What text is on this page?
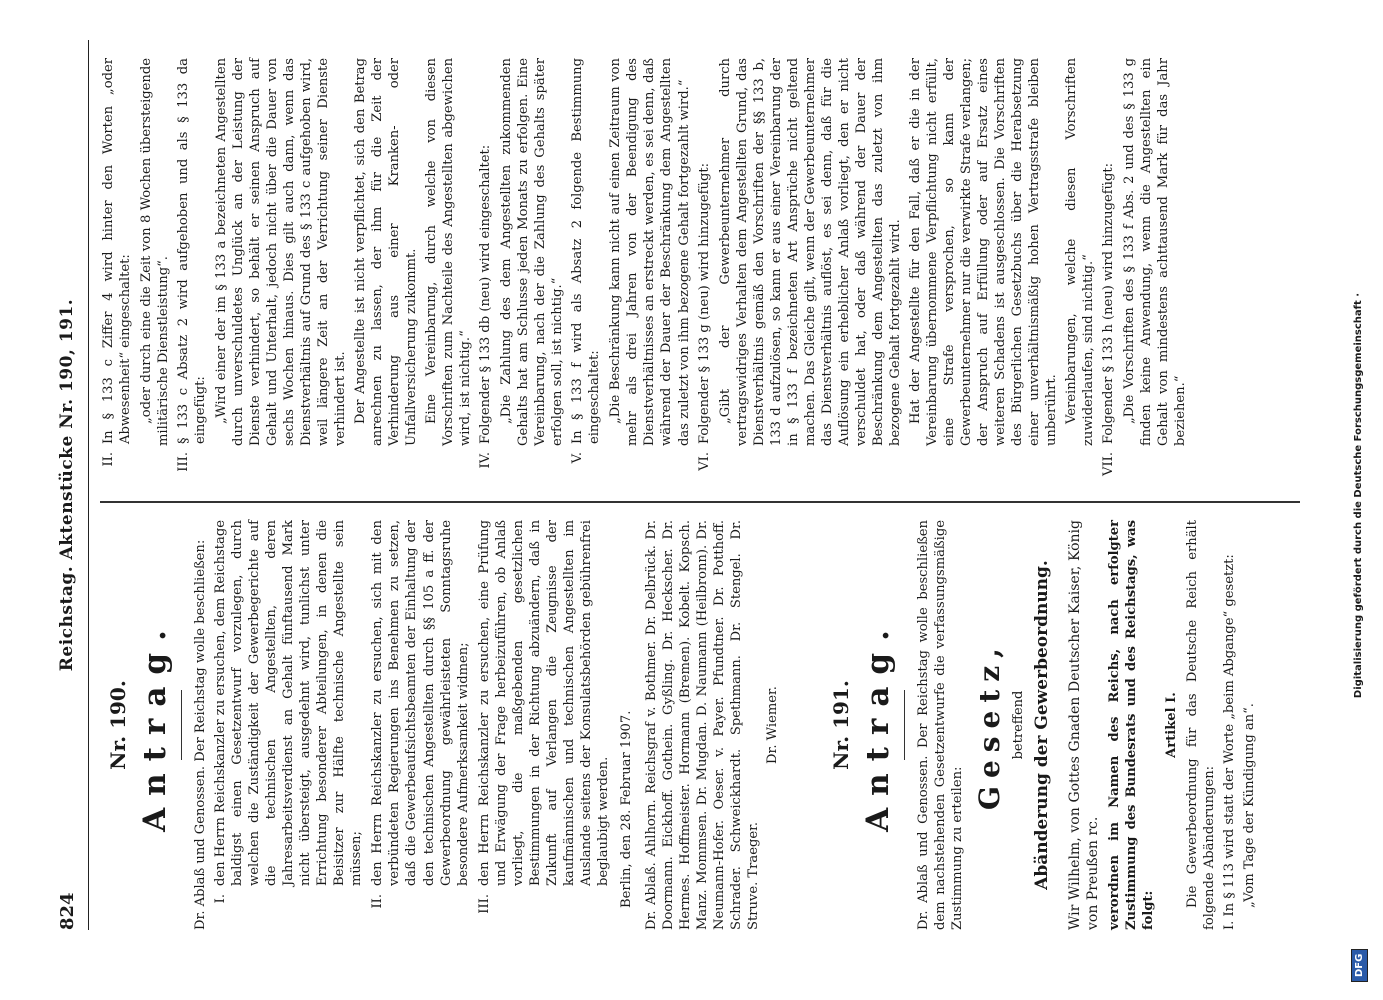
824
Reichstag. Aktenstücke Nr. 190, 191.
Nr. 190. Antrag. Dr. Ablaß und Genossen. Der Reichstag wolle beschließen: I.
den Herrn Reichskanzler zu ersuchen, dem Reichstage baldigst einen Gesetzentwurf vorzulegen, durch welchen die Zuständigkeit der Gewerbegerichte auf die technischen Angestellten, deren Jahresarbeitsverdienst an Gehalt fünftausend Mark nicht übersteigt, ausgedehnt wird, tunlichst unter Errichtung besonderer Abteilungen, in denen die Beisitzer zur Hälfte technische Angestellte sein müssen;
II.
den Herrn Reichskanzler zu ersuchen, sich mit den verbündeten Regierungen ins Benehmen zu setzen, daß die Gewerbeaufsichtsbeamten der Einhaltung der den technischen Angestellten durch §§ 105 a ff. der Gewerbeordnung gewährleisteten Sonntagsruhe besondere Aufmerksamkeit widmen;
III.
den Herrn Reichskanzler zu ersuchen, eine Prüfung und Erwägung der Frage herbeizuführen, ob Anlaß vorliegt, die maßgebenden gesetzlichen Bestimmungen in der Richtung abzuändern, daß in Zukunft auf Verlangen die Zeugnisse der kaufmännischen und technischen Angestellten im Auslande seitens der Konsulatsbehörden gebührenfrei beglaubigt werden. Berlin, den 28. Februar 1907. Dr. Ablaß. Ahlhorn. Reichsgraf v. Bothmer. Dr. Delbrück. Dr. Doormann. Eickhoff. Gothein. Gyßling. Dr. Heckscher. Dr. Hermes. Hoffmeister. Hormann (Bremen). Kobelt. Kopsch. Manz. Mommsen. Dr. Mugdan. D. Naumann (Heilbronn). Dr. Neumann-Hofer. Oeser. v. Payer. Pfundtner. Dr. Potthoff. Schrader. Schweickhardt. Spethmann. Dr. Stengel. Dr. Struve. Traeger.

Dr. Wiemer. Nr. 191. Antrag. Dr. Ablaß und Genossen. Der Reichstag wolle beschließen dem nachstehenden Gesetzentwurfe die verfassungsmäßige Zustimmung zu erteilen:

Gesetz, betreffend Abänderung der Gewerbeordnung. Wir Wilhelm, von Gottes Gnaden Deutscher Kaiser, König von Preußen rc. verordnen im Namen des Reichs, nach erfolgter Zustimmung des Bundesrats und des Reichstags, was folgt:

Artikel I. Die Gewerbeordnung für das Deutsche Reich erhält folgende Abänderungen: I. In § 113 wird statt der Worte „beim Abgange“ gesetzt: „Vom Tage der Kündigung an“.

II.
In § 133 c Ziffer 4 wird hinter den Worten „oder Abwesenheit“ eingeschaltet: „oder durch eine die Zeit von 8 Wochen übersteigende militärische Dienstleistung“.

III.
§ 133 c Absatz 2 wird aufgehoben und als § 133 da eingefügt: „Wird einer der im § 133 a bezeichneten Angestellten durch unverschuldetes Unglück an der Leistung der Dienste verhindert, so behält er seinen Anspruch auf Gehalt und Unterhalt, jedoch nicht über die Dauer von sechs Wochen hinaus. Dies gilt auch dann, wenn das Dienstverhältnis auf Grund des § 133 c aufgehoben wird, weil längere Zeit an der Verrichtung seiner Dienste verhindert ist. Der Angestellte ist nicht verpflichtet, sich den Betrag anrechnen zu lassen, der ihm für die Zeit der Verhinderung aus einer Kranken- oder Unfallversicherung zukommt. Eine Vereinbarung, durch welche von diesen Vorschriften zum Nachteile des Angestellten abgewichen wird, ist nichtig.“

IV.
Folgender § 133 db (neu) wird eingeschaltet: „Die Zahlung des dem Angestellten zukommenden Gehalts hat am Schlusse jeden Monats zu erfolgen. Eine Vereinbarung, nach der die Zahlung des Gehalts später erfolgen soll, ist nichtig.“

V.
In § 133 f wird als Absatz 2 folgende Bestimmung eingeschaltet: „Die Beschränkung kann nicht auf einen Zeitraum von mehr als drei Jahren von der Beendigung des Dienstverhältnisses an erstreckt werden, es sei denn, daß während der Dauer der Beschränkung dem Angestellten das zuletzt von ihm bezogene Gehalt fortgezahlt wird.“

VI.
Folgender § 133 g (neu) wird hinzugefügt: „Gibt der Gewerbeunternehmer durch vertragswidriges Verhalten dem Angestellten Grund, das Dienstverhältnis gemäß den Vorschriften der §§ 133 b, 133 d aufzulösen, so kann er aus einer Vereinbarung der in § 133 f bezeichneten Art Ansprüche nicht geltend machen. Das Gleiche gilt, wenn der Gewerbeunternehmer das Dienstverhältnis auflöst, es sei denn, daß für die Auflösung ein erheblicher Anlaß vorliegt, den er nicht verschuldet hat, oder daß während der Dauer der Beschränkung dem Angestellten das zuletzt von ihm bezogene Gehalt fortgezahlt wird. Hat der Angestellte für den Fall, daß er die in der Vereinbarung übernommene Verpflichtung nicht erfüllt, eine Strafe versprochen, so kann der Gewerbeunternehmer nur die verwirkte Strafe verlangen; der Anspruch auf Erfüllung oder auf Ersatz eines weiteren Schadens ist ausgeschlossen. Die Vorschriften des Bürgerlichen Gesetzbuchs über die Herabsetzung einer unverhältnismäßig hohen Vertragsstrafe bleiben unberührt. Vereinbarungen, welche diesen Vorschriften zuwiderlaufen, sind nichtig.“

VII.
Folgender § 133 h (neu) wird hinzugefügt: „Die Vorschriften des § 133 f Abs. 2 und des § 133 g finden keine Anwendung, wenn die Angestellten ein Gehalt von mindestens achttausend Mark für das Jahr beziehen.“	Digitalisierung gefördert durch die Deutsche Forschungsgemeinschaft ·
DFG
